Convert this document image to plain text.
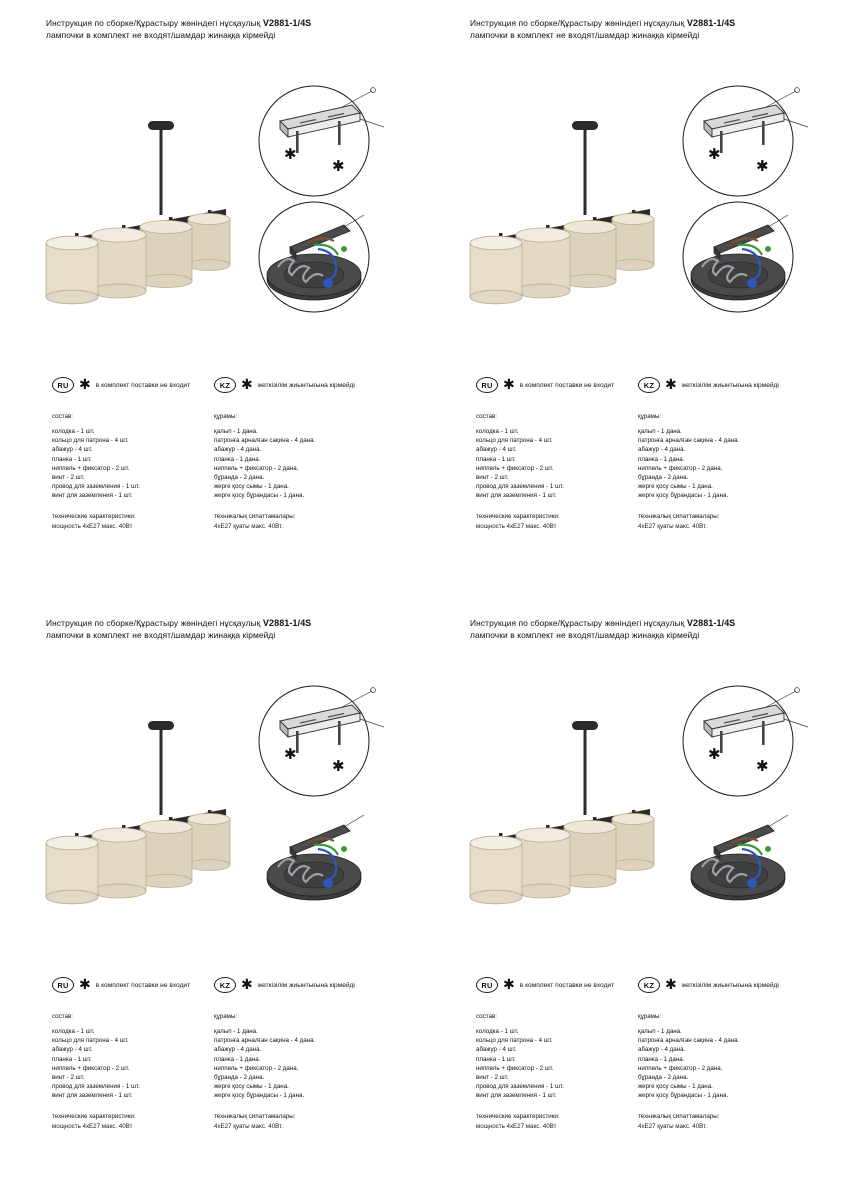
Инструкция по сборке/Құрастыру жөніндегі нұсқаулық V2881-1/4S
лампочки в комплект не входят/шамдар жинаққа кірмейді
✱
✱
RU ✱ в комплект поставки не входит	KZ ✱ жеткізілім жиынтығына кірмейді
состав:
колодка - 1 шт.
кольцо для патрона - 4 шт.
абажур - 4 шт.
планка - 1 шт.
ниппель + фиксатор - 2 шт.
винт - 2 шт.
провод для заземления - 1 шт.
винт для заземления - 1 шт.
технические характеристики:
мощность 4хЕ27 макс. 40Вт
құрамы:
қалып - 1 дана.
патронға арналған сақина - 4 дана.
абажур - 4 дана.
планка - 1 дана.
ниппель + фиксатор - 2 дана.
бұранда - 2 дана.
жерге қосу сымы - 1 дана.
жерге қосу бұрандасы - 1 дана.
техникалық сипаттамалары:
4хЕ27 қуаты макс. 40Вт.
Инструкция по сборке/Құрастыру жөніндегі нұсқаулық V2881-1/4S
лампочки в комплект не входят/шамдар жинаққа кірмейді
✱
✱
RU ✱ в комплект поставки не входит	KZ ✱ жеткізілім жиынтығына кірмейді
состав:
колодка - 1 шт.
кольцо для патрона - 4 шт.
абажур - 4 шт.
планка - 1 шт.
ниппель + фиксатор - 2 шт.
винт - 2 шт.
провод для заземления - 1 шт.
винт для заземления - 1 шт.
технические характеристики:
мощность 4хЕ27 макс. 40Вт
құрамы:
қалып - 1 дана.
патронға арналған сақина - 4 дана.
абажур - 4 дана.
планка - 1 дана.
ниппель + фиксатор - 2 дана.
бұранда - 2 дана.
жерге қосу сымы - 1 дана.
жерге қосу бұрандасы - 1 дана.
техникалық сипаттамалары:
4хЕ27 қуаты макс. 40Вт.
Инструкция по сборке/Құрастыру жөніндегі нұсқаулық V2881-1/4S
лампочки в комплект не входят/шамдар жинаққа кірмейді
✱
✱
RU ✱ в комплект поставки не входит	KZ ✱ жеткізілім жиынтығына кірмейді
состав:
колодка - 1 шт.
кольцо для патрона - 4 шт.
абажур - 4 шт.
планка - 1 шт.
ниппель + фиксатор - 2 шт.
винт - 2 шт.
провод для заземления - 1 шт.
винт для заземления - 1 шт.
технические характеристики:
мощность 4хЕ27 макс. 40Вт
құрамы:
қалып - 1 дана.
патронға арналған сақина - 4 дана.
абажур - 4 дана.
планка - 1 дана.
ниппель + фиксатор - 2 дана.
бұранда - 2 дана.
жерге қосу сымы - 1 дана.
жерге қосу бұрандасы - 1 дана.
техникалық сипаттамалары:
4хЕ27 қуаты макс. 40Вт.
Инструкция по сборке/Құрастыру жөніндегі нұсқаулық V2881-1/4S
лампочки в комплект не входят/шамдар жинаққа кірмейді
✱
✱
RU ✱ в комплект поставки не входит	KZ ✱ жеткізілім жиынтығына кірмейді
состав:
колодка - 1 шт.
кольцо для патрона - 4 шт.
абажур - 4 шт.
планка - 1 шт.
ниппель + фиксатор - 2 шт.
винт - 2 шт.
провод для заземления - 1 шт.
винт для заземления - 1 шт.
технические характеристики:
мощность 4хЕ27 макс. 40Вт
құрамы:
қалып - 1 дана.
патронға арналған сақина - 4 дана.
абажур - 4 дана.
планка - 1 дана.
ниппель + фиксатор - 2 дана.
бұранда - 2 дана.
жерге қосу сымы - 1 дана.
жерге қосу бұрандасы - 1 дана.
техникалық сипаттамалары:
4хЕ27 қуаты макс. 40Вт.
